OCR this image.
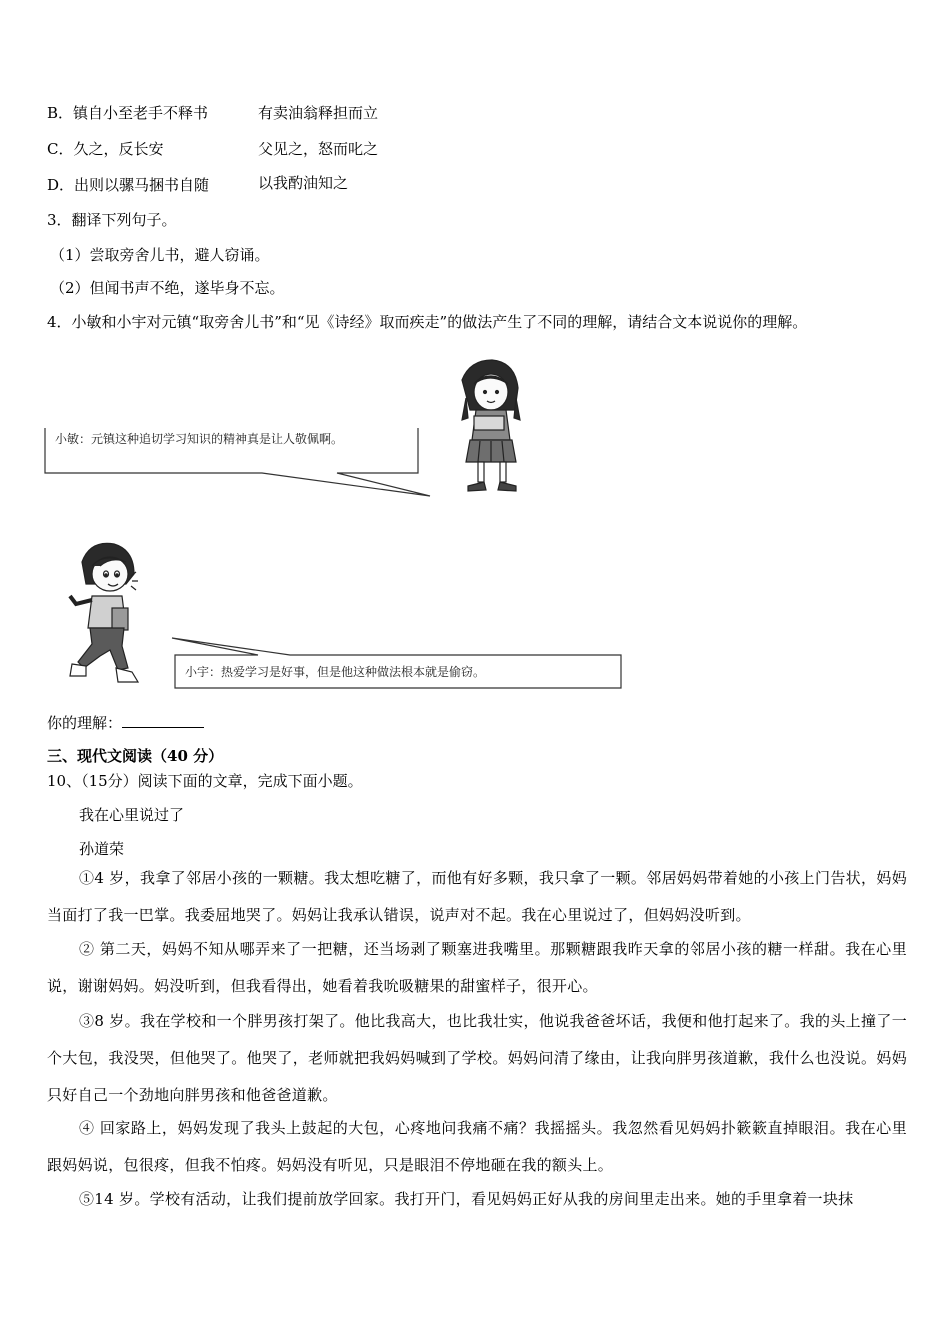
B．镇自小至老手不释书	有卖油翁释担而立
C．久之，反长安	父见之，怒而叱之
D．出则以骡马捆书自随	以我酌油知之
3．翻译下列句子。
（1）尝取旁舍儿书，避人窃诵。
（2）但闻书声不绝，遂毕身不忘。
4．小敏和小宇对元镇“取旁舍儿书”和“见《诗经》取而疾走”的做法产生了不同的理解，请结合文本说说你的理解。
小敏：元镇这种追切学习知识的精神真是让人敬佩啊。
小宇：热爱学习是好事，但是他这种做法根本就是偷窃。
你的理解：
三、现代文阅读（40 分）
10、（15分）阅读下面的文章，完成下面小题。
我在心里说过了
孙道荣
①4 岁，我拿了邻居小孩的一颗糖。我太想吃糖了，而他有好多颗，我只拿了一颗。邻居妈妈带着她的小孩上门告状，妈妈当面打了我一巴掌。我委屈地哭了。妈妈让我承认错误，说声对不起。我在心里说过了，但妈妈没听到。
② 第二天，妈妈不知从哪弄来了一把糖，还当场剥了颗塞进我嘴里。那颗糖跟我昨天拿的邻居小孩的糖一样甜。我在心里说，谢谢妈妈。妈没听到，但我看得出，她看着我吮吸糖果的甜蜜样子，很开心。
③8 岁。我在学校和一个胖男孩打架了。他比我高大，也比我壮实，他说我爸爸坏话，我便和他打起来了。我的头上撞了一个大包，我没哭，但他哭了。他哭了，老师就把我妈妈喊到了学校。妈妈问清了缘由，让我向胖男孩道歉，我什么也没说。妈妈只好自己一个劲地向胖男孩和他爸爸道歉。
④ 回家路上，妈妈发现了我头上鼓起的大包，心疼地问我痛不痛？我摇摇头。我忽然看见妈妈扑簌簌直掉眼泪。我在心里跟妈妈说，包很疼，但我不怕疼。妈妈没有听见，只是眼泪不停地砸在我的额头上。
⑤14 岁。学校有活动，让我们提前放学回家。我打开门，看见妈妈正好从我的房间里走出来。她的手里拿着一块抹
